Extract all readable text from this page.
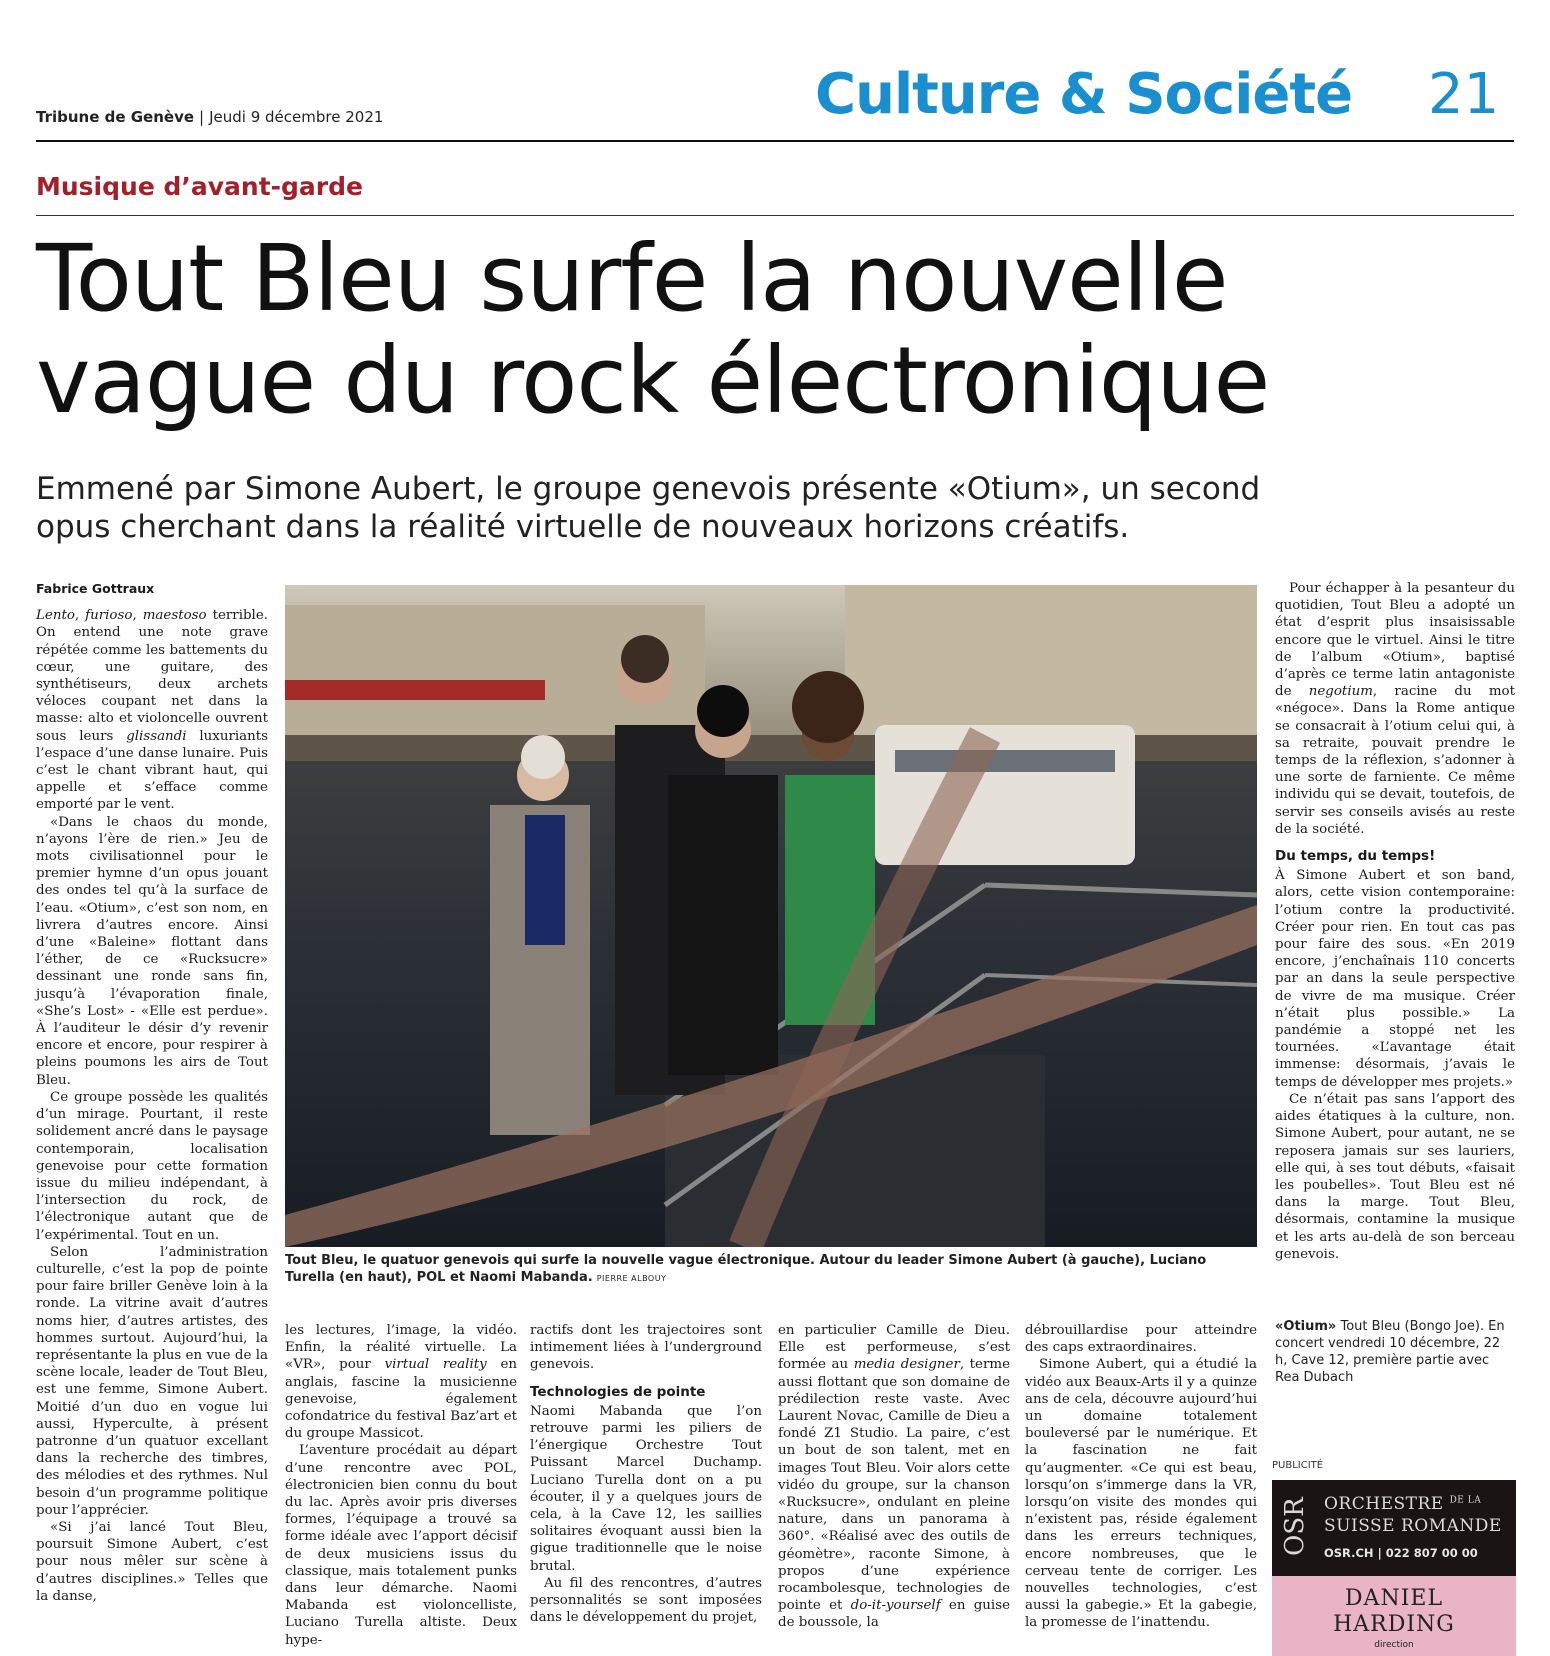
Tribune de Genève | Jeudi 9 décembre 2021	Culture & Société 21
Musique d’avant-garde
Tout Bleu surfe la nouvelle
vague du rock électronique
Emmené par Simone Aubert, le groupe genevois présente «Otium», un second
opus cherchant dans la réalité virtuelle de nouveaux horizons créatifs.
Fabrice Gottraux

Lento, furioso, maestoso terrible. On entend une note grave répétée comme les battements du cœur, une guitare, des synthétiseurs, deux archets véloces coupant net dans la masse: alto et violoncelle ouvrent sous leurs glissandi luxuriants l’espace d’une danse lunaire. Puis c’est le chant vibrant haut, qui appelle et s’efface comme emporté par le vent.

«Dans le chaos du monde, n’ayons l’ère de rien.» Jeu de mots civilisationnel pour le premier hymne d’un opus jouant des ondes tel qu’à la surface de l’eau. «Otium», c’est son nom, en livrera d’autres encore. Ainsi d’une «Baleine» flottant dans l’éther, de ce «Rucksucre» dessinant une ronde sans fin, jusqu’à l’évaporation finale, «She’s Lost» - «Elle est perdue». À l’auditeur le désir d’y revenir encore et encore, pour respirer à pleins poumons les airs de Tout Bleu.

Ce groupe possède les qualités d’un mirage. Pourtant, il reste solidement ancré dans le paysage contemporain, localisation genevoise pour cette formation issue du milieu indépendant, à l’intersection du rock, de l’électronique autant que de l’expérimental. Tout en un.

Selon l’administration culturelle, c’est la pop de pointe pour faire briller Genève loin à la ronde. La vitrine avait d’autres noms hier, d’autres artistes, des hommes surtout. Aujourd’hui, la représentante la plus en vue de la scène locale, leader de Tout Bleu, est une femme, Simone Aubert. Moitié d’un duo en vogue lui aussi, Hyperculte, à présent patronne d’un quatuor excellant dans la recherche des timbres, des mélodies et des rythmes. Nul besoin d’un programme politique pour l’apprécier.

«Si j’ai lancé Tout Bleu, poursuit Simone Aubert, c’est pour nous mêler sur scène à d’autres disciplines.» Telles que la danse,

Tout Bleu, le quatuor genevois qui surfe la nouvelle vague électronique. Autour du leader Simone Aubert (à gauche), Luciano Turella (en haut), POL et Naomi Mabanda. PIERRE ALBOUY

les lectures, l’image, la vidéo. Enfin, la réalité virtuelle. La «VR», pour virtual reality en anglais, fascine la musicienne genevoise, également cofondatrice du festival Baz’art et du groupe Massicot.

L’aventure procédait au départ d’une rencontre avec POL, électronicien bien connu du bout du lac. Après avoir pris diverses formes, l’équipage a trouvé sa forme idéale avec l’apport décisif de deux musiciens issus du classique, mais totalement punks dans leur démarche. Naomi Mabanda est violoncelliste, Luciano Turella altiste. Deux hype-

ractifs dont les trajectoires sont intimement liées à l’underground genevois.

Technologies de pointe

Naomi Mabanda que l’on retrouve parmi les piliers de l’énergique Orchestre Tout Puissant Marcel Duchamp. Luciano Turella dont on a pu écouter, il y a quelques jours de cela, à la Cave 12, les saillies solitaires évoquant aussi bien la gigue traditionnelle que le noise brutal.

Au fil des rencontres, d’autres personnalités se sont imposées dans le développement du projet,

en particulier Camille de Dieu. Elle est performeuse, s’est formée au media designer, terme aussi flottant que son domaine de prédilection reste vaste. Avec Laurent Novac, Camille de Dieu a fondé Z1 Studio. La paire, c’est un bout de son talent, met en images Tout Bleu. Voir alors cette vidéo du groupe, sur la chanson «Rucksucre», ondulant en pleine nature, dans un panorama à 360°. «Réalisé avec des outils de géomètre», raconte Simone, à propos d’une expérience rocambolesque, technologies de pointe et do-it-yourself en guise de boussole, la

débrouillardise pour atteindre des caps extraordinaires.

Simone Aubert, qui a étudié la vidéo aux Beaux-Arts il y a quinze ans de cela, découvre aujourd’hui un domaine totalement bouleversé par le numérique. Et la fascination ne fait qu’augmenter. «Ce qui est beau, lorsqu’on s’immerge dans la VR, lorsqu’on visite des mondes qui n’existent pas, réside également dans les erreurs techniques, encore nombreuses, que le cerveau tente de corriger. Les nouvelles technologies, c’est aussi la gabegie.» Et la gabegie, la promesse de l’inattendu.

Pour échapper à la pesanteur du quotidien, Tout Bleu a adopté un état d’esprit plus insaisissable encore que le virtuel. Ainsi le titre de l’album «Otium», baptisé d’après ce terme latin antagoniste de negotium, racine du mot «négoce». Dans la Rome antique se consacrait à l’otium celui qui, à sa retraite, pouvait prendre le temps de la réflexion, s’adonner à une sorte de farniente. Ce même individu qui se devait, toutefois, de servir ses conseils avisés au reste de la société.

Du temps, du temps!

À Simone Aubert et son band, alors, cette vision contemporaine: l’otium contre la productivité. Créer pour rien. En tout cas pas pour faire des sous. «En 2019 encore, j’enchaînais 110 concerts par an dans la seule perspective de vivre de ma musique. Créer n’était plus possible.» La pandémie a stoppé net les tournées. «L’avantage était immense: désormais, j’avais le temps de développer mes projets.»

Ce n’était pas sans l’apport des aides étatiques à la culture, non. Simone Aubert, pour autant, ne se reposera jamais sur ses lauriers, elle qui, à ses tout débuts, «faisait les poubelles». Tout Bleu est né dans la marge. Tout Bleu, désormais, contamine la musique et les arts au-delà de son berceau genevois.

«Otium» Tout Bleu (Bongo Joe). En concert vendredi 10 décembre, 22 h, Cave 12, première partie avec Rea Dubach
PUBLICITÉ
OSR ORCHESTRE $^{DE LA}$
SUISSE ROMANDE
OSR.CH | 022 807 00 00
DANIEL
HARDING
direction
